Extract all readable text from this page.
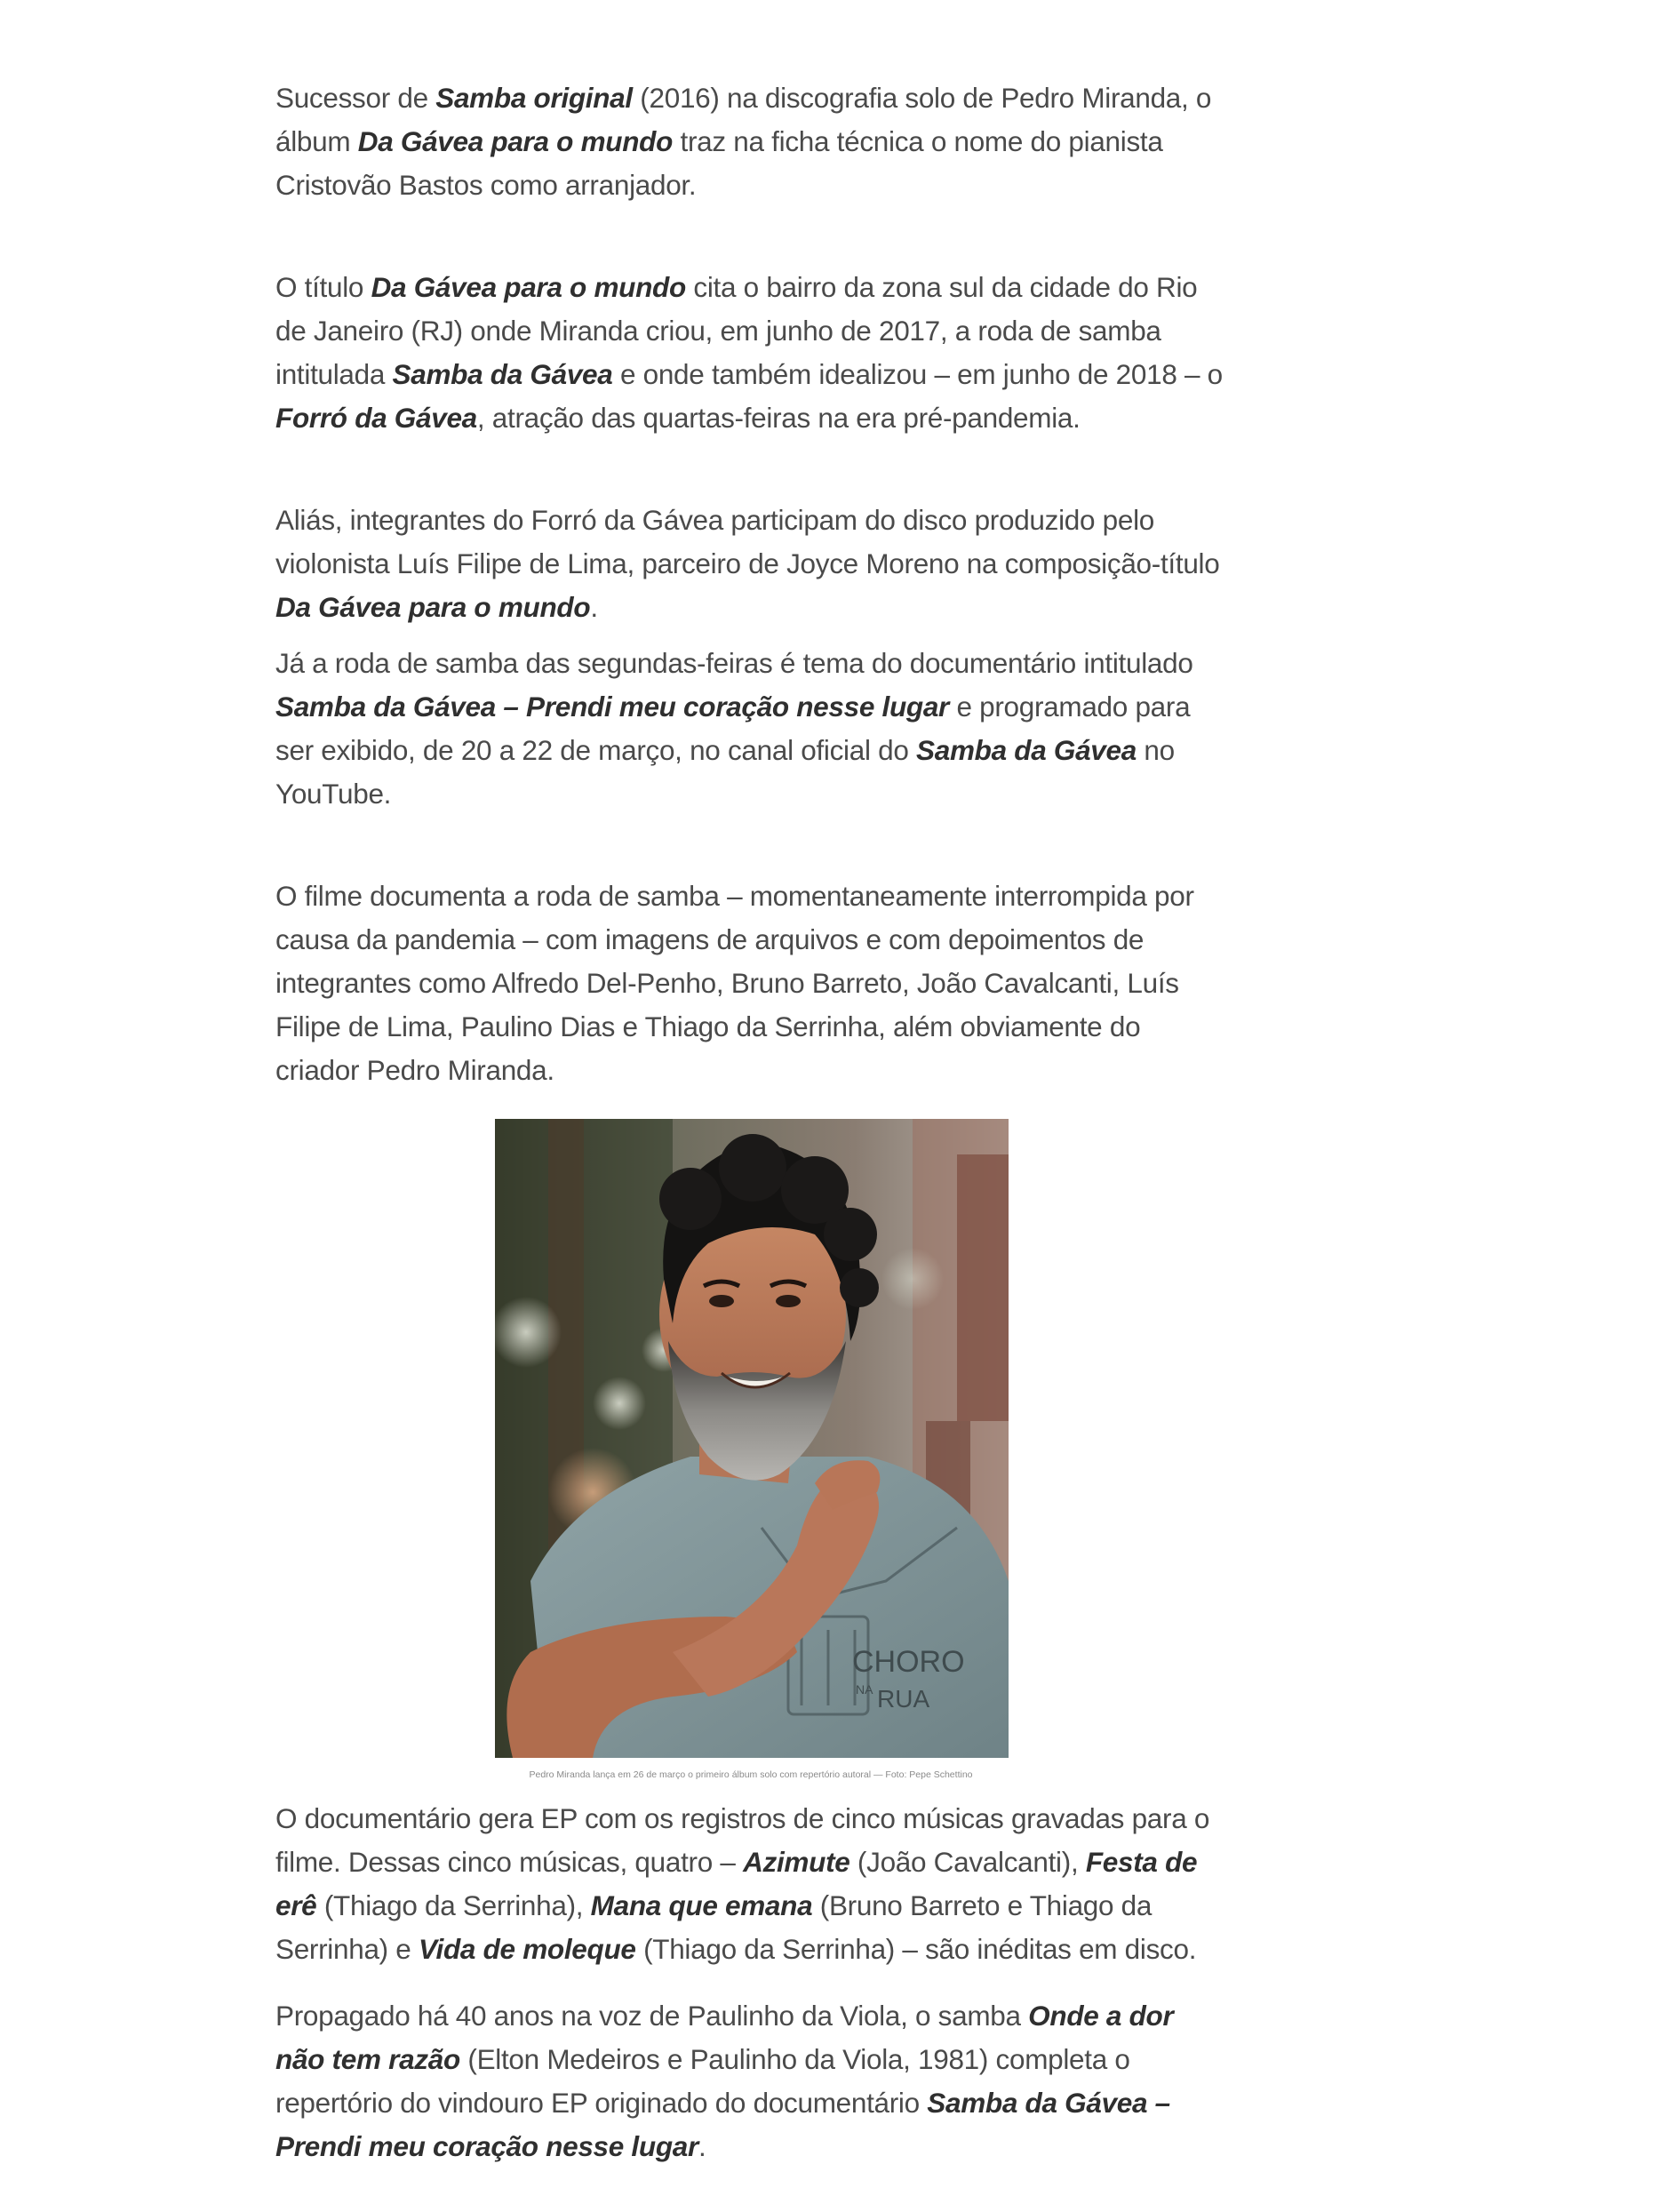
Sucessor de Samba original (2016) na discografia solo de Pedro Miranda, o álbum Da Gávea para o mundo traz na ficha técnica o nome do pianista Cristovão Bastos como arranjador.

O título Da Gávea para o mundo cita o bairro da zona sul da cidade do Rio de Janeiro (RJ) onde Miranda criou, em junho de 2017, a roda de samba intitulada Samba da Gávea e onde também idealizou – em junho de 2018 – o Forró da Gávea, atração das quartas-feiras na era pré-pandemia.

Aliás, integrantes do Forró da Gávea participam do disco produzido pelo violonista Luís Filipe de Lima, parceiro de Joyce Moreno na composição-título Da Gávea para o mundo.

Já a roda de samba das segundas-feiras é tema do documentário intitulado Samba da Gávea – Prendi meu coração nesse lugar e programado para ser exibido, de 20 a 22 de março, no canal oficial do Samba da Gávea no YouTube.

O filme documenta a roda de samba – momentaneamente interrompida por causa da pandemia – com imagens de arquivos e com depoimentos de integrantes como Alfredo Del-Penho, Bruno Barreto, João Cavalcanti, Luís Filipe de Lima, Paulino Dias e Thiago da Serrinha, além obviamente do criador Pedro Miranda.

CHORO
NA RUA

Pedro Miranda lança em 26 de março o primeiro álbum solo com repertório autoral — Foto: Pepe Schettino

O documentário gera EP com os registros de cinco músicas gravadas para o filme. Dessas cinco músicas, quatro – Azimute (João Cavalcanti), Festa de erê (Thiago da Serrinha), Mana que emana (Bruno Barreto e Thiago da Serrinha) e Vida de moleque (Thiago da Serrinha) – são inéditas em disco.

Propagado há 40 anos na voz de Paulinho da Viola, o samba Onde a dor não tem razão (Elton Medeiros e Paulinho da Viola, 1981) completa o repertório do vindouro EP originado do documentário Samba da Gávea – Prendi meu coração nesse lugar.
